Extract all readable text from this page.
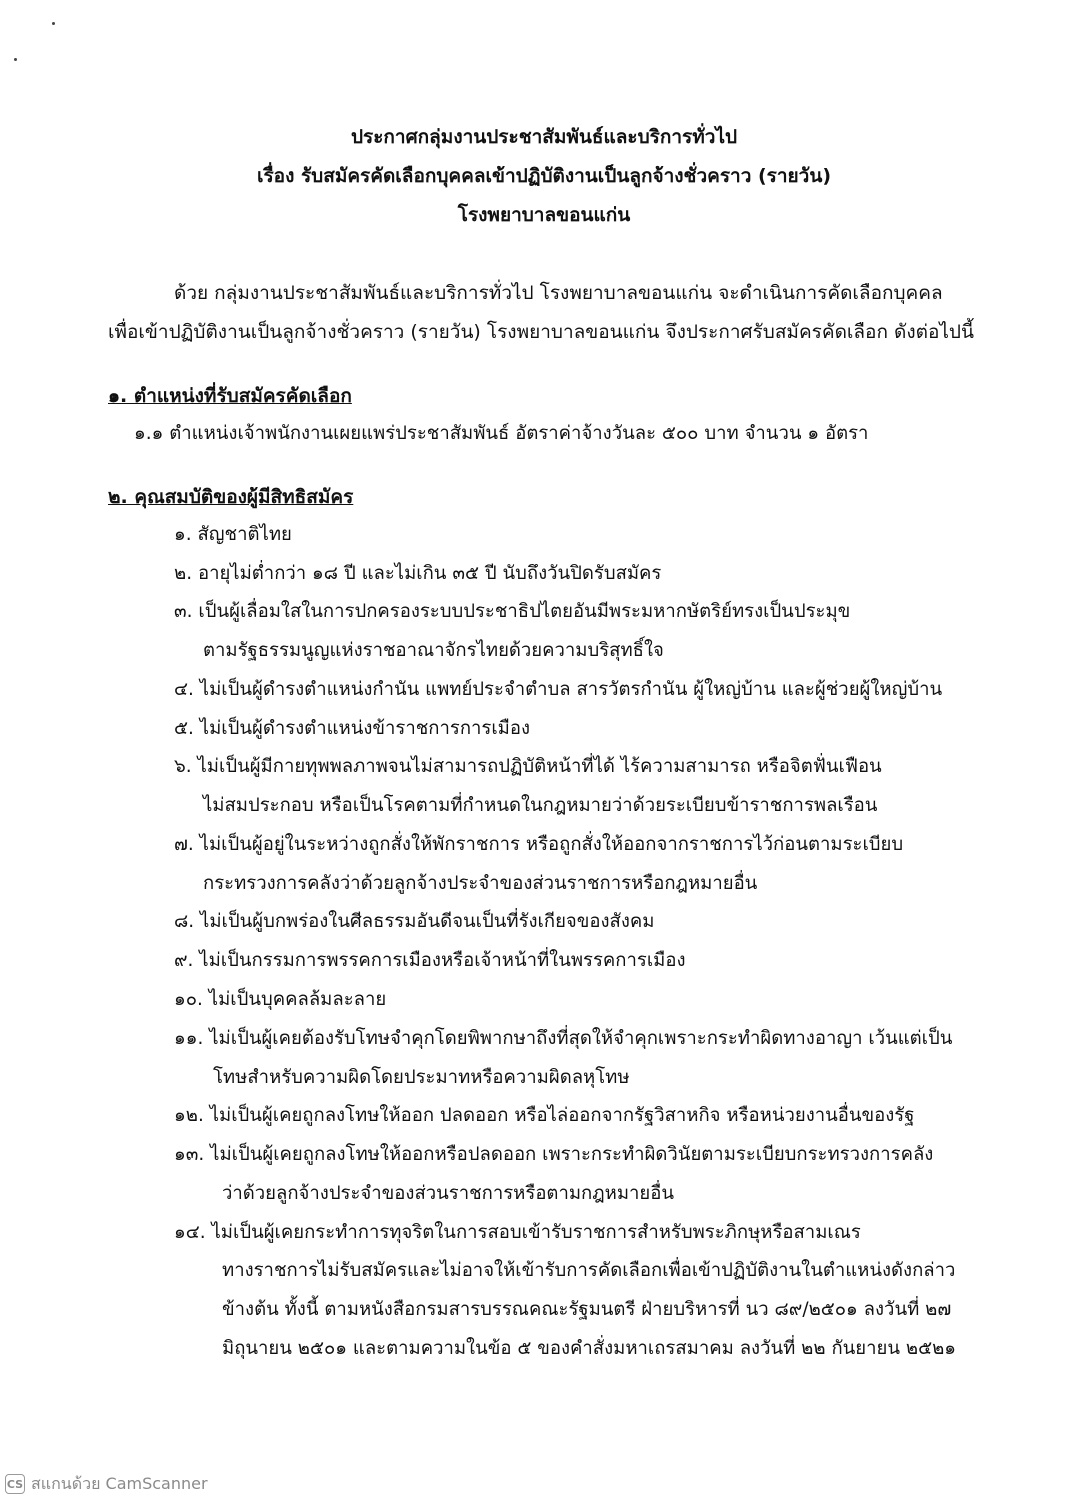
ประกาศกลุ่มงานประชาสัมพันธ์และบริการทั่วไป
เรื่อง รับสมัครคัดเลือกบุคคลเข้าปฏิบัติงานเป็นลูกจ้างชั่วคราว (รายวัน)
โรงพยาบาลขอนแก่น
ด้วย กลุ่มงานประชาสัมพันธ์และบริการทั่วไป โรงพยาบาลขอนแก่น จะดำเนินการคัดเลือกบุคคล
เพื่อเข้าปฏิบัติงานเป็นลูกจ้างชั่วคราว (รายวัน) โรงพยาบาลขอนแก่น จึงประกาศรับสมัครคัดเลือก ดังต่อไปนี้
๑. ตำแหน่งที่รับสมัครคัดเลือก
๑.๑ ตำแหน่งเจ้าพนักงานเผยแพร่ประชาสัมพันธ์ อัตราค่าจ้างวันละ ๕๐๐ บาท จำนวน ๑ อัตรา
๒. คุณสมบัติของผู้มีสิทธิสมัคร
๑. สัญชาติไทย
๒. อายุไม่ต่ำกว่า ๑๘ ปี และไม่เกิน ๓๕ ปี นับถึงวันปิดรับสมัคร
๓. เป็นผู้เลื่อมใสในการปกครองระบบประชาธิปไตยอันมีพระมหากษัตริย์ทรงเป็นประมุข
ตามรัฐธรรมนูญแห่งราชอาณาจักรไทยด้วยความบริสุทธิ์ใจ
๔. ไม่เป็นผู้ดำรงตำแหน่งกำนัน แพทย์ประจำตำบล สารวัตรกำนัน ผู้ใหญ่บ้าน และผู้ช่วยผู้ใหญ่บ้าน
๕. ไม่เป็นผู้ดำรงตำแหน่งข้าราชการการเมือง
๖. ไม่เป็นผู้มีกายทุพพลภาพจนไม่สามารถปฏิบัติหน้าที่ได้ ไร้ความสามารถ หรือจิตฟั่นเฟือน
ไม่สมประกอบ หรือเป็นโรคตามที่กำหนดในกฎหมายว่าด้วยระเบียบข้าราชการพลเรือน
๗. ไม่เป็นผู้อยู่ในระหว่างถูกสั่งให้พักราชการ หรือถูกสั่งให้ออกจากราชการไว้ก่อนตามระเบียบ
กระทรวงการคลังว่าด้วยลูกจ้างประจำของส่วนราชการหรือกฎหมายอื่น
๘. ไม่เป็นผู้บกพร่องในศีลธรรมอันดีจนเป็นที่รังเกียจของสังคม
๙. ไม่เป็นกรรมการพรรคการเมืองหรือเจ้าหน้าที่ในพรรคการเมือง
๑๐. ไม่เป็นบุคคลล้มละลาย
๑๑. ไม่เป็นผู้เคยต้องรับโทษจำคุกโดยพิพากษาถึงที่สุดให้จำคุกเพราะกระทำผิดทางอาญา เว้นแต่เป็น
โทษสำหรับความผิดโดยประมาทหรือความผิดลหุโทษ
๑๒. ไม่เป็นผู้เคยถูกลงโทษให้ออก ปลดออก หรือไล่ออกจากรัฐวิสาหกิจ หรือหน่วยงานอื่นของรัฐ
๑๓. ไม่เป็นผู้เคยถูกลงโทษให้ออกหรือปลดออก เพราะกระทำผิดวินัยตามระเบียบกระทรวงการคลัง
ว่าด้วยลูกจ้างประจำของส่วนราชการหรือตามกฎหมายอื่น
๑๔. ไม่เป็นผู้เคยกระทำการทุจริตในการสอบเข้ารับราชการสำหรับพระภิกษุหรือสามเณร
ทางราชการไม่รับสมัครและไม่อาจให้เข้ารับการคัดเลือกเพื่อเข้าปฏิบัติงานในตำแหน่งดังกล่าว
ข้างต้น ทั้งนี้ ตามหนังสือกรมสารบรรณคณะรัฐมนตรี ฝ่ายบริหารที่ นว ๘๙/๒๕๐๑ ลงวันที่ ๒๗
มิถุนายน ๒๕๐๑ และตามความในข้อ ๕ ของคำสั่งมหาเถรสมาคม ลงวันที่ ๒๒ กันยายน ๒๕๒๑
CS สแกนด้วย CamScanner
